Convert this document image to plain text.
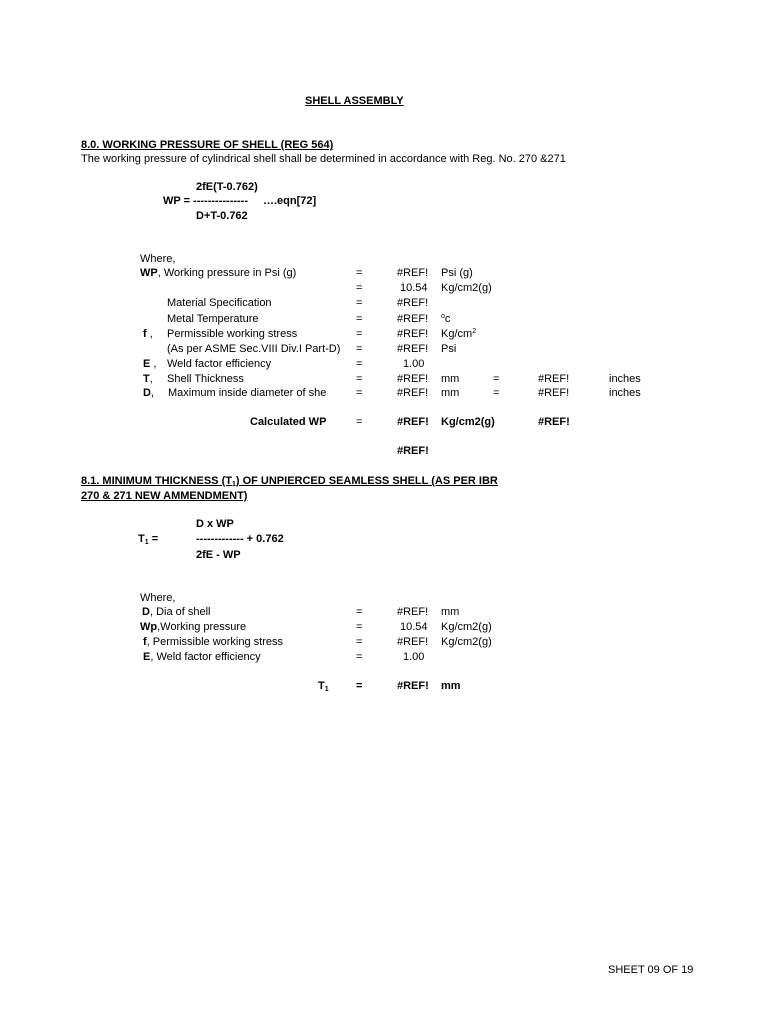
SHELL ASSEMBLY
8.0. WORKING PRESSURE OF SHELL (REG 564)
The working pressure of cylindrical shell shall be determined in accordance with Reg. No. 270 &271
2fE(T-0.762)
WP = --------------- ….eqn[72]
D+T-0.762
Where,
WP, Working pressure in Psi (g)	=	#REF! Psi (g)
=	10.54 Kg/cm2(g)
Material Specification	=	#REF!
Metal Temperature	=	#REF! $^o$c
f , Permissible working stress	=	#REF! $Kg/cm^2$
(As per ASME Sec.VIII Div.I Part-D) =	#REF! Psi
E , Weld factor efficiency	=	1.00
T, Shell Thickness	=	#REF! mm	=	#REF!	inches
D, Maximum inside diameter of she	=	#REF! mm	=	#REF!	inches
Calculated WP	=	#REF! Kg/cm2(g)	#REF!
#REF!
8.1. MINIMUM THICKNESS $(T_1)$ OF UNPIERCED SEAMLESS SHELL (AS PER IBR
270 & 271 NEW AMMENDMENT)
D x WP
$T_1$ =	------------- + 0.762
2fE - WP
Where,
D, Dia of shell	=	#REF! mm
Wp,Working pressure	=	10.54 Kg/cm2(g)
f, Permissible working stress	=	#REF! Kg/cm2(g)
E, Weld factor efficiency	=	1.00
$T_1$ =	#REF! mm
SHEET 09 OF 19
